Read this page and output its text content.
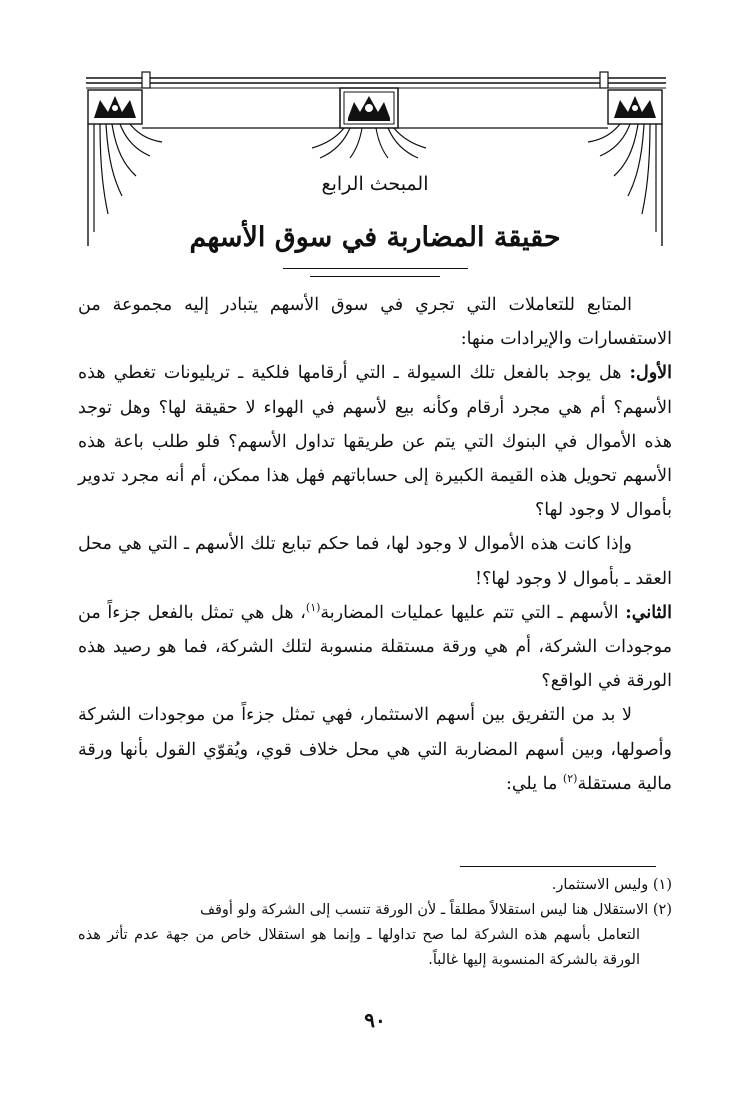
المبحث الرابع
حقيقة المضاربة في سوق الأسهم

المتابع للتعاملات التي تجري في سوق الأسهم يتبادر إليه مجموعة من الاستفسارات والإيرادات منها:

الأول: هل يوجد بالفعل تلك السيولة ـ التي أرقامها فلكية ـ تريليونات تغطي هذه الأسهم؟ أم هي مجرد أرقام وكأنه بيع لأسهم في الهواء لا حقيقة لها؟ وهل توجد هذه الأموال في البنوك التي يتم عن طريقها تداول الأسهم؟ فلو طلب باعة هذه الأسهم تحويل هذه القيمة الكبيرة إلى حساباتهم فهل هذا ممكن، أم أنه مجرد تدوير بأموال لا وجود لها؟

وإذا كانت هذه الأموال لا وجود لها، فما حكم تبايع تلك الأسهم ـ التي هي محل العقد ـ بأموال لا وجود لها؟!

الثاني: الأسهم ـ التي تتم عليها عمليات المضاربة$^{(١)}$، هل هي تمثل بالفعل جزءاً من موجودات الشركة، أم هي ورقة مستقلة منسوبة لتلك الشركة، فما هو رصيد هذه الورقة في الواقع؟

لا بد من التفريق بين أسهم الاستثمار، فهي تمثل جزءاً من موجودات الشركة وأصولها، وبين أسهم المضاربة التي هي محل خلاف قوي، ويُقوّي القول بأنها ورقة مالية مستقلة$^{(٢)}$ ما يلي:

(١) وليس الاستثمار.

(٢) الاستقلال هنا ليس استقلالاً مطلقاً ـ لأن الورقة تنسب إلى الشركة ولو أوقف

التعامل بأسهم هذه الشركة لما صح تداولها ـ وإنما هو استقلال خاص من جهة عدم تأثر هذه الورقة بالشركة المنسوبة إليها غالباً.

٩٠
